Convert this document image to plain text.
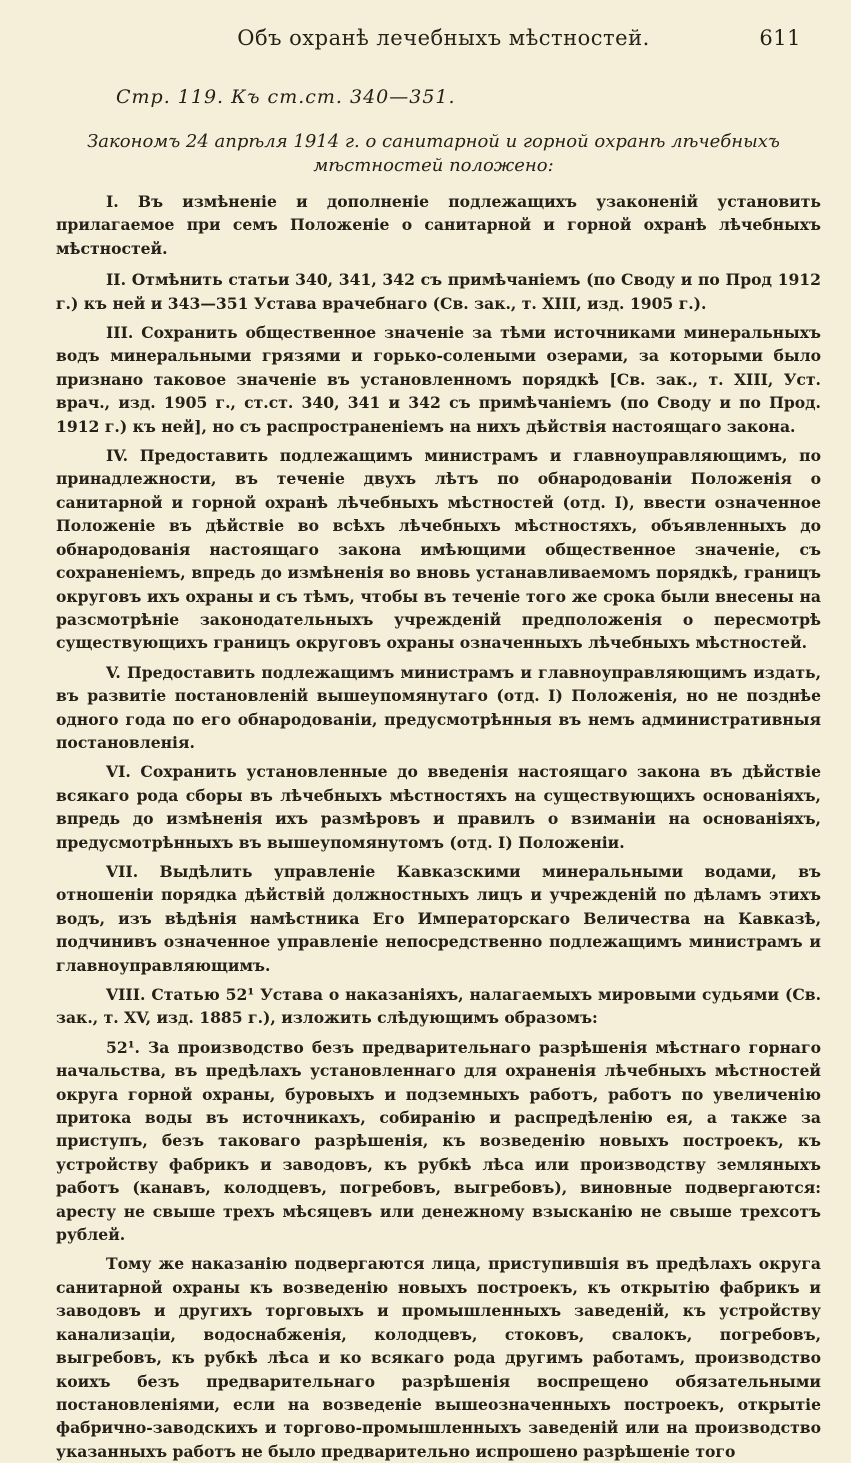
Объ охранѣ лечебныхъ мѣстностей.	611
Стр. 119. Къ ст.ст. 340—351.
Закономъ 24 апрѣля 1914 г. о санитарной и горной охранѣ лѣчебныхъ мѣстностей положено:

I. Въ измѣненіе и дополненіе подлежащихъ узаконеній установить прилагаемое при семъ Положеніе о санитарной и горной охранѣ лѣчебныхъ мѣстностей.

II. Отмѣнить статьи 340, 341, 342 съ примѣчаніемъ (по Своду и по Прод 1912 г.) къ ней и 343—351 Устава врачебнаго (Св. зак., т. XIII, изд. 1905 г.).

III. Сохранить общественное значеніе за тѣми источниками минеральныхъ водъ минеральными грязями и горько-солеными озерами, за которыми было признано таковое значеніе въ установленномъ порядкѣ [Св. зак., т. XIII, Уст. врач., изд. 1905 г., ст.ст. 340, 341 и 342 съ примѣчаніемъ (по Своду и по Прод. 1912 г.) къ ней], но съ распространеніемъ на нихъ дѣйствія настоящаго закона.

IV. Предоставить подлежащимъ министрамъ и главноуправляющимъ, по принадлежности, въ теченіе двухъ лѣтъ по обнародованіи Положенія о санитарной и горной охранѣ лѣчебныхъ мѣстностей (отд. I), ввести означенное Положеніе въ дѣйствіе во всѣхъ лѣчебныхъ мѣстностяхъ, объявленныхъ до обнародованія настоящаго закона имѣющими общественное значеніе, съ сохраненіемъ, впредь до измѣненія во вновь устанавливаемомъ порядкѣ, границъ округовъ ихъ охраны и съ тѣмъ, чтобы въ теченіе того же срока были внесены на разсмотрѣніе законодательныхъ учрежденій предположенія о пересмотрѣ существующихъ границъ округовъ охраны означенныхъ лѣчебныхъ мѣстностей.

V. Предоставить подлежащимъ министрамъ и главноуправляющимъ издать, въ развитіе постановленій вышеупомянутаго (отд. I) Положенія, но не позднѣе одного года по его обнародованіи, предусмотрѣнныя въ немъ административныя постановленія.

VI. Сохранить установленные до введенія настоящаго закона въ дѣйствіе всякаго рода сборы въ лѣчебныхъ мѣстностяхъ на существующихъ основаніяхъ, впредь до измѣненія ихъ размѣровъ и правилъ о взиманіи на основаніяхъ, предусмотрѣнныхъ въ вышеупомянутомъ (отд. I) Положеніи.

VII. Выдѣлить управленіе Кавказскими минеральными водами, въ отношеніи порядка дѣйствій должностныхъ лицъ и учрежденій по дѣламъ этихъ водъ, изъ вѣдѣнія намѣстника Его Императорскаго Величества на Кавказѣ, подчинивъ означенное управленіе непосредственно подлежащимъ министрамъ и главноуправляющимъ.

VIII. Статью 52¹ Устава о наказаніяхъ, налагаемыхъ мировыми судьями (Св. зак., т. XV, изд. 1885 г.), изложить слѣдующимъ образомъ:

52¹. За производство безъ предварительнаго разрѣшенія мѣстнаго горнаго начальства, въ предѣлахъ установленнаго для охраненія лѣчебныхъ мѣстностей округа горной охраны, буровыхъ и подземныхъ работъ, работъ по увеличенію притока воды въ источникахъ, собиранію и распредѣленію ея, а также за приступъ, безъ таковаго разрѣшенія, къ возведенію новыхъ построекъ, къ устройству фабрикъ и заводовъ, къ рубкѣ лѣса или производству земляныхъ работъ (канавъ, колодцевъ, погребовъ, выгребовъ), виновные подвергаются: аресту не свыше трехъ мѣсяцевъ или денежному взысканію не свыше трехсотъ рублей.

Тому же наказанію подвергаются лица, приступившія въ предѣлахъ округа санитарной охраны къ возведенію новыхъ построекъ, къ открытію фабрикъ и заводовъ и другихъ торговыхъ и промышленныхъ заведеній, къ устройству канализаціи, водоснабженія, колодцевъ, стоковъ, свалокъ, погребовъ, выгребовъ, къ рубкѣ лѣса и ко всякаго рода другимъ работамъ, производство коихъ безъ предварительнаго разрѣшенія воспрещено обязательными постановленіями, если на возведеніе вышеозначенныхъ построекъ, открытіе фабрично-заводскихъ и торгово-промышленныхъ заведеній или на производство указанныхъ работъ не было предварительно испрошено разрѣшеніе того
